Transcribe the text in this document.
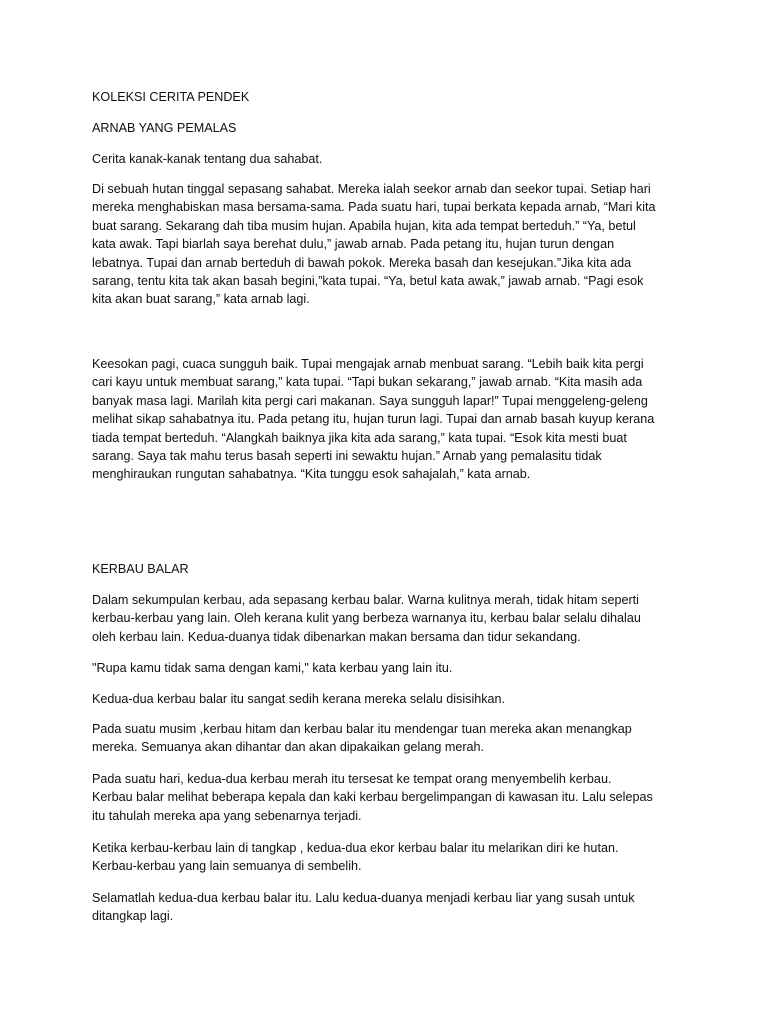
KOLEKSI CERITA PENDEK

ARNAB YANG PEMALAS

Cerita kanak-kanak tentang dua sahabat.

Di sebuah hutan tinggal sepasang sahabat. Mereka ialah seekor arnab dan seekor tupai. Setiap hari
mereka menghabiskan masa bersama-sama. Pada suatu hari, tupai berkata kepada arnab, “Mari kita
buat sarang. Sekarang dah tiba musim hujan. Apabila hujan, kita ada tempat berteduh.” “Ya, betul
kata awak. Tapi biarlah saya berehat dulu,” jawab arnab. Pada petang itu, hujan turun dengan
lebatnya. Tupai dan arnab berteduh di bawah pokok. Mereka basah dan kesejukan.”Jika kita ada
sarang, tentu kita tak akan basah begini,”kata tupai. “Ya, betul kata awak,” jawab arnab. “Pagi esok
kita akan buat sarang,” kata arnab lagi.

Keesokan pagi, cuaca sungguh baik. Tupai mengajak arnab menbuat sarang. “Lebih baik kita pergi
cari kayu untuk membuat sarang,” kata tupai. “Tapi bukan sekarang,” jawab arnab. “Kita masih ada
banyak masa lagi. Marilah kita pergi cari makanan. Saya sungguh lapar!” Tupai menggeleng-geleng
melihat sikap sahabatnya itu. Pada petang itu, hujan turun lagi. Tupai dan arnab basah kuyup kerana
tiada tempat berteduh. “Alangkah baiknya jika kita ada sarang,” kata tupai. “Esok kita mesti buat
sarang. Saya tak mahu terus basah seperti ini sewaktu hujan.” Arnab yang pemalasitu tidak
menghiraukan rungutan sahabatnya. “Kita tunggu esok sahajalah,” kata arnab.

KERBAU BALAR

Dalam sekumpulan kerbau, ada sepasang kerbau balar. Warna kulitnya merah, tidak hitam seperti
kerbau-kerbau yang lain. Oleh kerana kulit yang berbeza warnanya itu, kerbau balar selalu dihalau
oleh kerbau lain. Kedua-duanya tidak dibenarkan makan bersama dan tidur sekandang.

"Rupa kamu tidak sama dengan kami," kata kerbau yang lain itu.

Kedua-dua kerbau balar itu sangat sedih kerana mereka selalu disisihkan.

Pada suatu musim ,kerbau hitam dan kerbau balar itu mendengar tuan mereka akan menangkap
mereka. Semuanya akan dihantar dan akan dipakaikan gelang merah.

Pada suatu hari, kedua-dua kerbau merah itu tersesat ke tempat orang menyembelih kerbau.
Kerbau balar melihat beberapa kepala dan kaki kerbau bergelimpangan di kawasan itu. Lalu selepas
itu tahulah mereka apa yang sebenarnya terjadi.

Ketika kerbau-kerbau lain di tangkap , kedua-dua ekor kerbau balar itu melarikan diri ke hutan.
Kerbau-kerbau yang lain semuanya di sembelih.

Selamatlah kedua-dua kerbau balar itu. Lalu kedua-duanya menjadi kerbau liar yang susah untuk
ditangkap lagi.
